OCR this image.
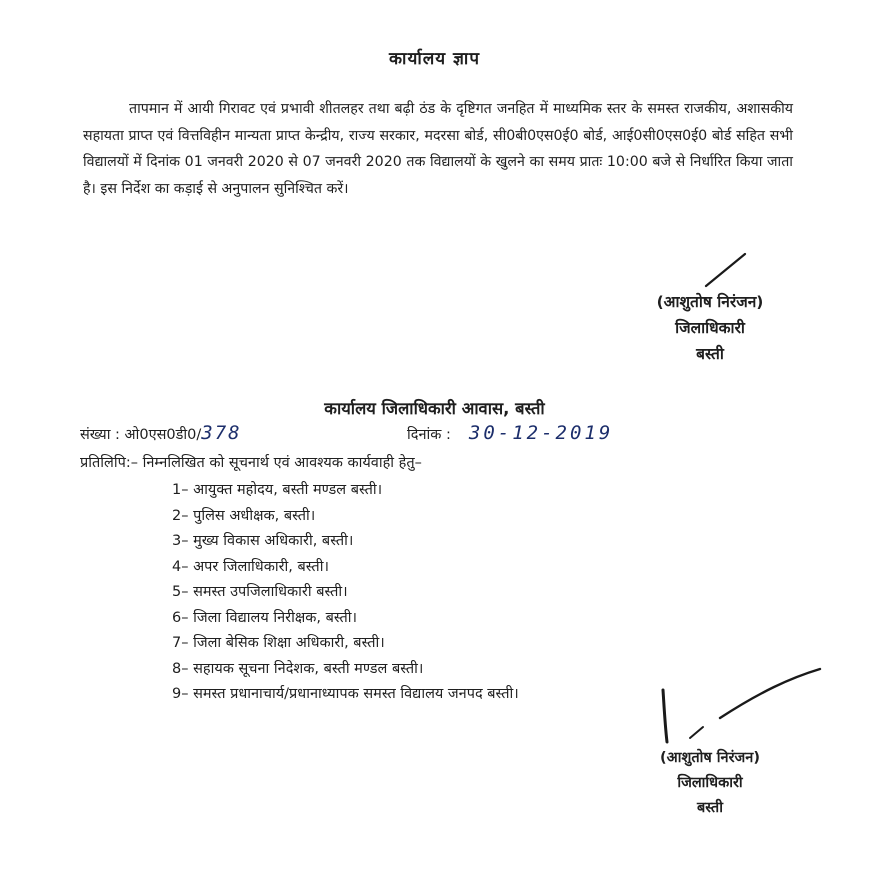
कार्यालय ज्ञाप

तापमान में आयी गिरावट एवं प्रभावी शीतलहर तथा बढ़ी ठंड के दृष्टिगत जनहित में माध्यमिक स्तर के समस्त राजकीय, अशासकीय सहायता प्राप्त एवं वित्तविहीन मान्यता प्राप्त केन्द्रीय, राज्य सरकार, मदरसा बोर्ड, सी0बी0एस0ई0 बोर्ड, आई0सी0एस0ई0 बोर्ड सहित सभी विद्यालयों में दिनांक 01 जनवरी 2020 से 07 जनवरी 2020 तक विद्यालयों के खुलने का समय प्रातः 10:00 बजे से निर्धारित किया जाता है। इस निर्देश का कड़ाई से अनुपालन सुनिश्चित करें।

(आशुतोष निरंजन)
जिलाधिकारी
बस्ती
कार्यालय जिलाधिकारी आवास, बस्ती
संख्या : ओ0एस0डी0/378	दिनांक : 30-12-2019
प्रतिलिपि:– निम्नलिखित को सूचनार्थ एवं आवश्यक कार्यवाही हेतु–
1– आयुक्त महोदय, बस्ती मण्डल बस्ती।
2– पुलिस अधीक्षक, बस्ती।
3– मुख्य विकास अधिकारी, बस्ती।
4– अपर जिलाधिकारी, बस्ती।
5– समस्त उपजिलाधिकारी बस्ती।
6– जिला विद्यालय निरीक्षक, बस्ती।
7– जिला बेसिक शिक्षा अधिकारी, बस्ती।
8– सहायक सूचना निदेशक, बस्ती मण्डल बस्ती।
9– समस्त प्रधानाचार्य/प्रधानाध्यापक समस्त विद्यालय जनपद बस्ती।
(आशुतोष निरंजन)
जिलाधिकारी
बस्ती
